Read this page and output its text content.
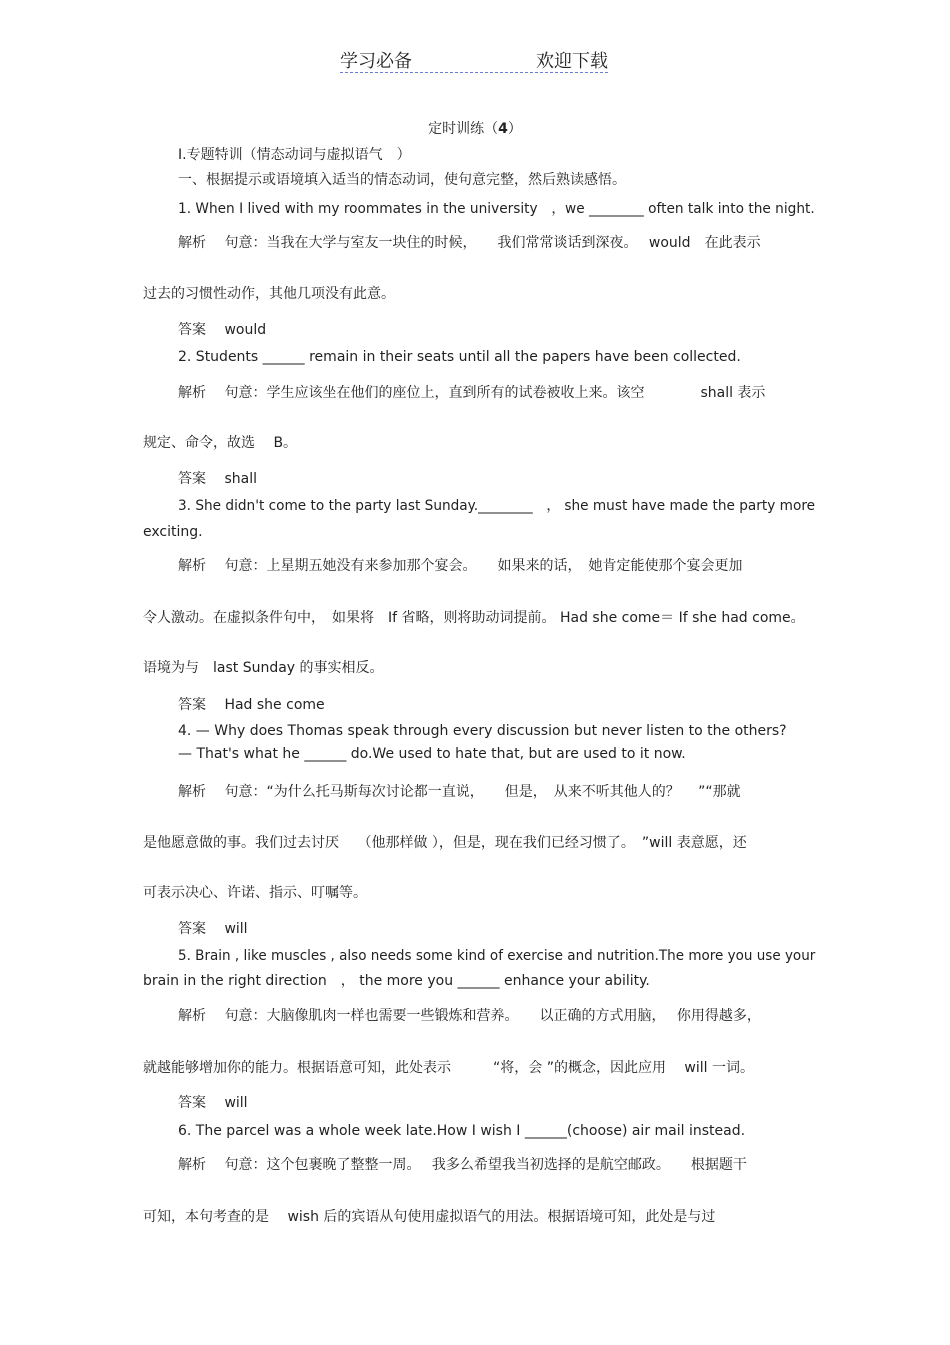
学习必备	欢迎下载
定时训练（4）
Ⅰ.专题特训（情态动词与虚拟语气　）
一、根据提示或语境填入适当的情态动词，使句意完整，然后熟读感悟。
1. When I lived with my roommates in the university　，we ________ often talk into the night.
解析　 句意：当我在大学与室友一块住的时候，　　我们常常谈话到深夜。　 would　在此表示
过去的习惯性动作，其他几项没有此意。
答案　 would
2. Students ______ remain in their seats until all the papers have been collected.
解析　 句意：学生应该坐在他们的座位上，直到所有的试卷被收上来。该空　　　　shall 表示
规定、命令，故选　 B。
答案　 shall
3. She didn't come to the party last Sunday.________　， she must have made the party more
exciting.
解析　 句意：上星期五她没有来参加那个宴会。　　如果来的话，　她肯定能使那个宴会更加
令人激动。在虚拟条件句中，　如果将　If 省略，则将助动词提前。 Had she come＝ If she had come。
语境为与　last Sunday 的事实相反。
答案　 Had she come
4. — Why does Thomas speak through every discussion but never listen to the others?
— That's what he ______ do.We used to hate that, but are used to it now.
解析　 句意：“为什么托马斯每次讨论都一直说，　　但是，　从来不听其他人的？　 ”“那就
是他愿意做的事。我们过去讨厌　 （他那样做 ），但是，现在我们已经习惯了。　”will 表意愿，还
可表示决心、许诺、指示、叮嘱等。
答案　 will
5. Brain , like muscles , also needs some kind of exercise and nutrition.The more you use your
brain in the right direction　， the more you ______ enhance your ability.
解析　 句意：大脑像肌肉一样也需要一些锻炼和营养。　　以正确的方式用脑，　 你用得越多，
就越能够增加你的能力。根据语意可知，此处表示　　　“将，会 ”的概念，因此应用　 will 一词。
答案　 will
6. The parcel was a whole week late.How I wish I ______(choose) air mail instead.
解析　 句意：这个包裹晚了整整一周。　 我多么希望我当初选择的是航空邮政。　　根据题干
可知，本句考查的是　 wish 后的宾语从句使用虚拟语气的用法。根据语境可知，此处是与过
